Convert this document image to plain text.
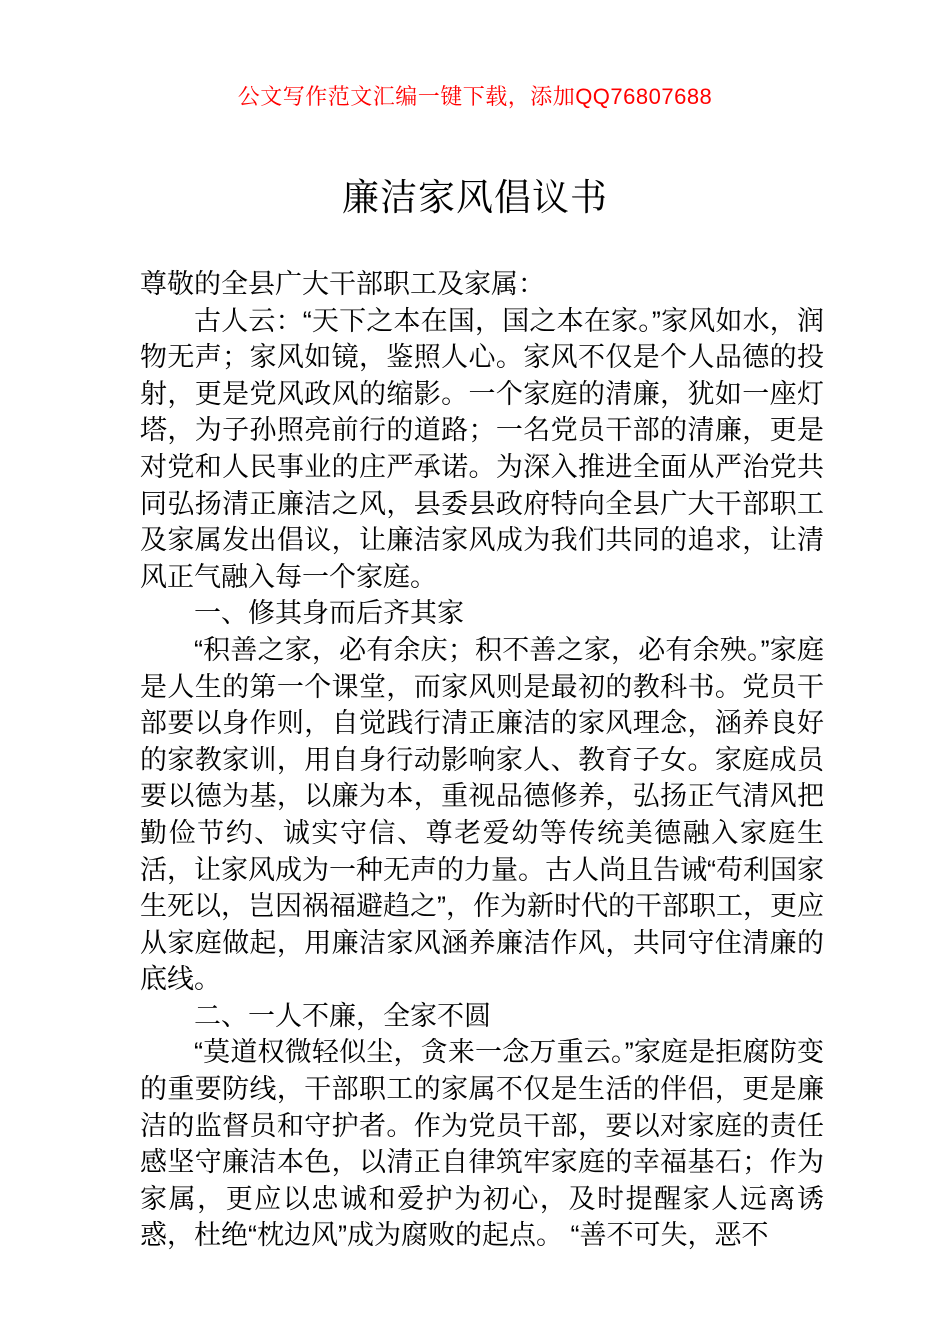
公文写作范文汇编一键下载，添加QQ76807688
廉洁家风倡议书

尊敬的全县广大干部职工及家属：

古人云：“天下之本在国，国之本在家。”家风如水，润物无声；家风如镜，鉴照人心。家风不仅是个人品德的投射，更是党风政风的缩影。一个家庭的清廉，犹如一座灯塔，为子孙照亮前行的道路；一名党员干部的清廉，更是对党和人民事业的庄严承诺。为深入推进全面从严治党共同弘扬清正廉洁之风，县委县政府特向全县广大干部职工及家属发出倡议，让廉洁家风成为我们共同的追求，让清风正气融入每一个家庭。

一、修其身而后齐其家

“积善之家，必有余庆；积不善之家，必有余殃。”家庭是人生的第一个课堂，而家风则是最初的教科书。党员干部要以身作则，自觉践行清正廉洁的家风理念，涵养良好的家教家训，用自身行动影响家人、教育子女。家庭成员要以德为基，以廉为本，重视品德修养，弘扬正气清风把勤俭节约、诚实守信、尊老爱幼等传统美德融入家庭生活，让家风成为一种无声的力量。古人尚且告诫“苟利国家生死以，岂因祸福避趋之”，作为新时代的干部职工，更应从家庭做起，用廉洁家风涵养廉洁作风，共同守住清廉的底线。

二、一人不廉，全家不圆

“莫道权微轻似尘，贪来一念万重云。”家庭是拒腐防变的重要防线，干部职工的家属不仅是生活的伴侣，更是廉洁的监督员和守护者。作为党员干部，要以对家庭的责任感坚守廉洁本色，以清正自律筑牢家庭的幸福基石；作为家属，更应以忠诚和爱护为初心，及时提醒家人远离诱惑，杜绝“枕边风”成为腐败的起点。 “善不可失，恶不
